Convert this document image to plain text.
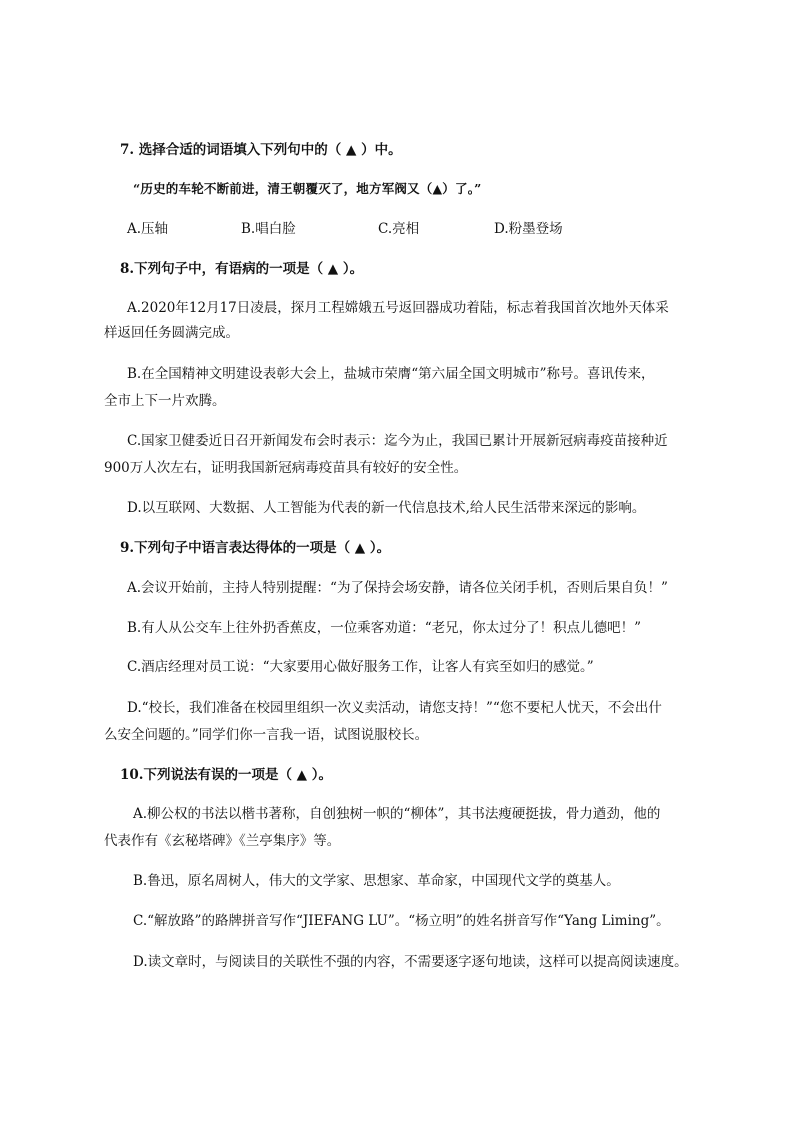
7. 选择合适的词语填入下列句中的（ ▲ ）中。
“历史的车轮不断前进，清王朝覆灭了，地方军阀又（▲）了。”
A.压轴	B.唱白脸	C.亮相	D.粉墨登场
8.下列句子中，有语病的一项是（ ▲ ）。
A.2020年12月17日凌晨，探月工程嫦娥五号返回器成功着陆，标志着我国首次地外天体采
样返回任务圆满完成。
B.在全国精神文明建设表彰大会上，盐城市荣膺“第六届全国文明城市”称号。喜讯传来，
全市上下一片欢腾。
C.国家卫健委近日召开新闻发布会时表示：迄今为止，我国已累计开展新冠病毒疫苗接种近
900万人次左右，证明我国新冠病毒疫苗具有较好的安全性。
D.以互联网、大数据、人工智能为代表的新一代信息技术,给人民生活带来深远的影响。
9.下列句子中语言表达得体的一项是（ ▲ ）。
A.会议开始前，主持人特别提醒：“为了保持会场安静，请各位关闭手机，否则后果自负！”
B.有人从公交车上往外扔香蕉皮，一位乘客劝道：“老兄，你太过分了！积点儿德吧！”
C.酒店经理对员工说：“大家要用心做好服务工作，让客人有宾至如归的感觉。”
D.“校长，我们准备在校园里组织一次义卖活动，请您支持！”“您不要杞人忧天，不会出什
么安全问题的。”同学们你一言我一语，试图说服校长。
10.下列说法有误的一项是（ ▲ ）。
A.柳公权的书法以楷书著称，自创独树一帜的“柳体”，其书法瘦硬挺拔，骨力遒劲，他的
代表作有《玄秘塔碑》《兰亭集序》等。
B.鲁迅，原名周树人，伟大的文学家、思想家、革命家，中国现代文学的奠基人。
C.“解放路”的路牌拼音写作“JIEFANG LU”。“杨立明”的姓名拼音写作“Yang Liming”。
D.读文章时，与阅读目的关联性不强的内容，不需要逐字逐句地读，这样可以提高阅读速度。
